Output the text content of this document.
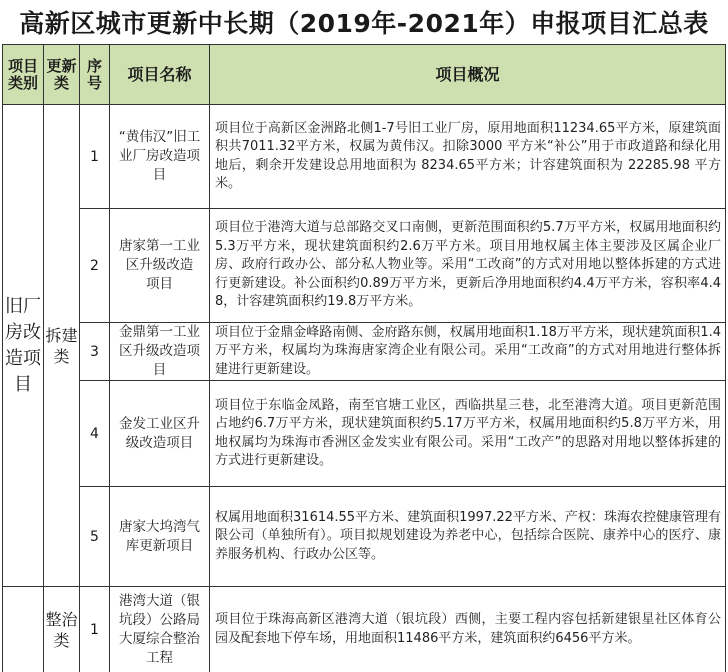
高新区城市更新中长期（2019年-2021年）申报项目汇总表
项目类别	更新类	序号	项目名称	项目概况
旧厂房改造项目	拆建类	1	“黄伟汉”旧工业厂房改造项目	项目位于高新区金洲路北侧1-7号旧工业厂房，原用地面积11234.65平方米，原建筑面积共7011.32平方米，权属为黄伟汉。扣除3000 平方米“补公”用于市政道路和绿化用地后，剩余开发建设总用地面积为 8234.65平方米；计容建筑面积为 22285.98 平方米。
		2	唐家第一工业区升级改造　项目	项目位于港湾大道与总部路交叉口南侧，更新范围面积约5.7万平方米，权属用地面积约5.3万平方米，现状建筑面积约2.6万平方米。项目用地权属主体主要涉及区属企业厂房、政府行政办公、部分私人物业等。采用“工改商”的方式对用地以整体拆建的方式进行更新建设。补公面积约0.89万平方米，更新后净用地面积约4.4万平方米，容积率4.48，计容建筑面积约19.8万平方米。
		3	金鼎第一工业区升级改造项目	项目位于金鼎金峰路南侧、金府路东侧，权属用地面积1.18万平方米，现状建筑面积1.4万平方米，权属均为珠海唐家湾企业有限公司。采用“工改商”的方式对用地进行整体拆建进行更新建设。
		4	金发工业区升级改造项目	项目位于东临金凤路，南至官塘工业区，西临拱星三巷，北至港湾大道。项目更新范围占地约6.7万平方米，现状建筑面积约5.17万平方米，权属用地面积约5.8万平方米，用地权属均为珠海市香洲区金发实业有限公司。采用“工改产”的思路对用地以整体拆建的方式进行更新建设。
		5	唐家大坞湾气库更新项目	权属用地面积31614.55平方米、建筑面积1997.22平方米、产权：珠海农控健康管理有限公司（单独所有）。项目拟规划建设为养老中心，包括综合医院、康养中心的医疗、康养服务机构、行政办公区等。
	整治类	1	港湾大道（银坑段）公路局大厦综合整治工程	项目位于珠海高新区港湾大道（银坑段）西侧，主要工程内容包括新建银星社区体育公园及配套地下停车场，用地面积11486平方米，建筑面积约6456平方米。
